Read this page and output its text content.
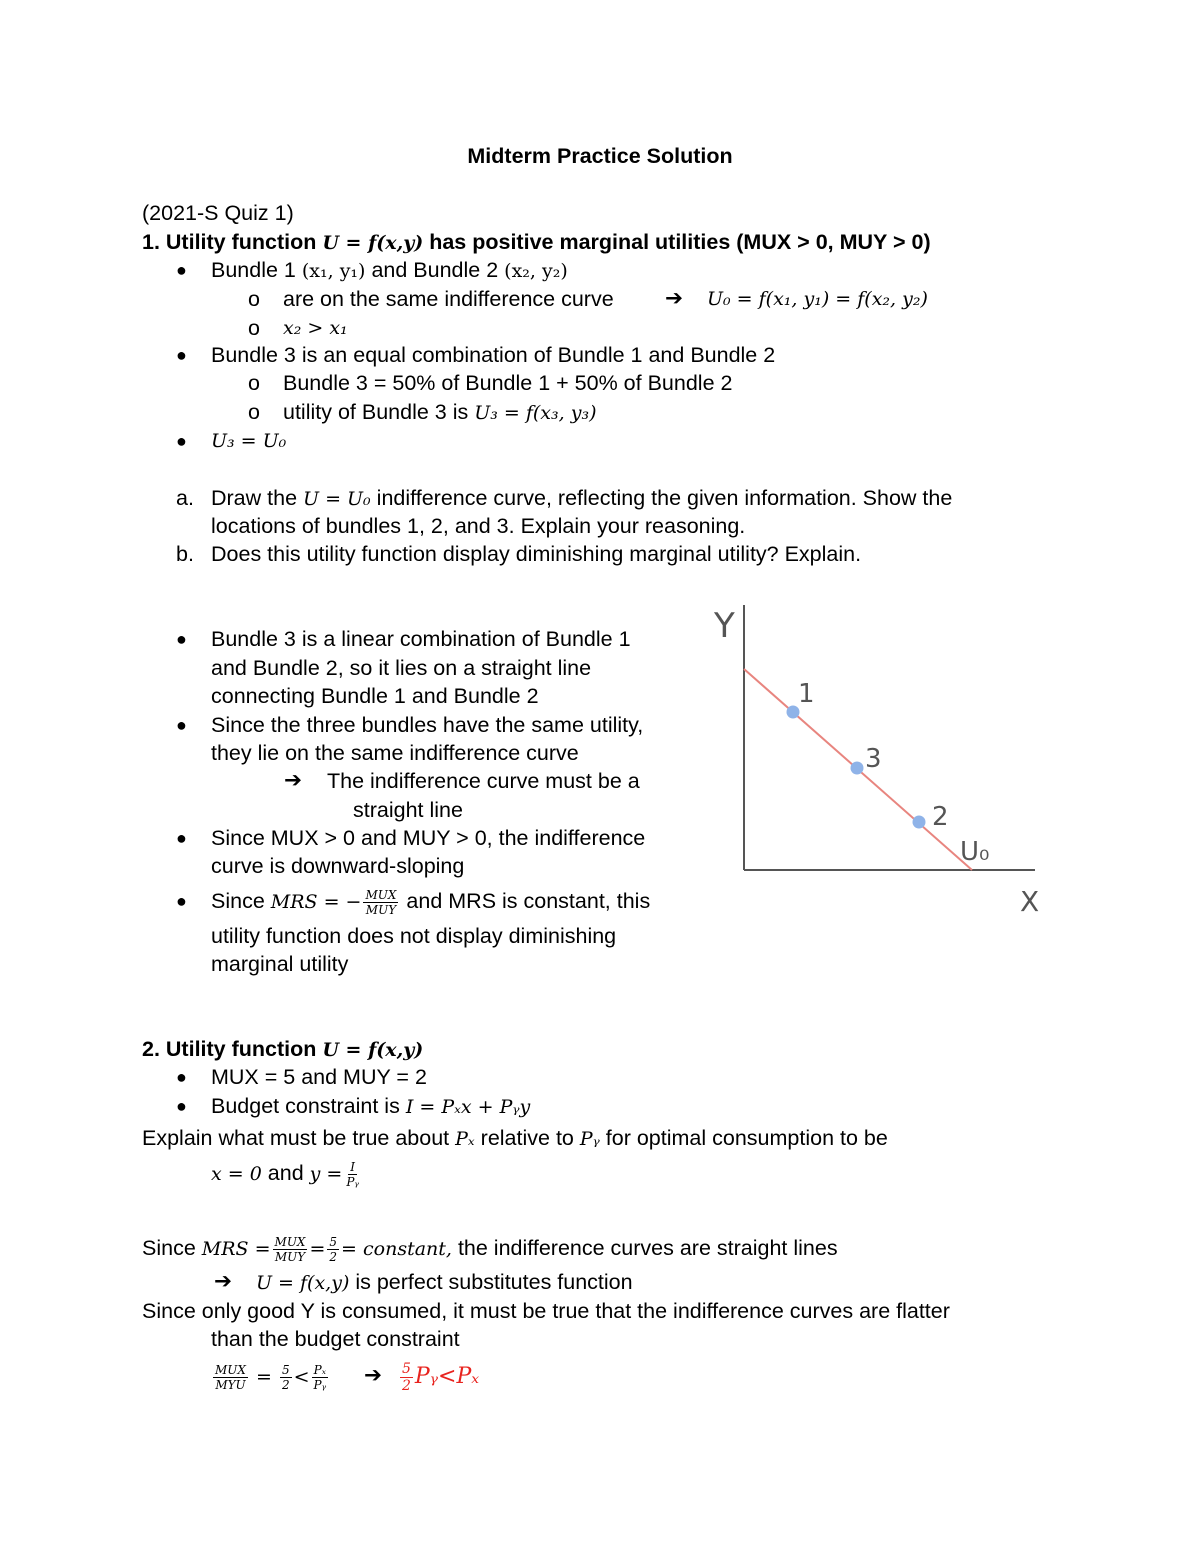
Midterm Practice Solution
(2021-S Quiz 1)
1. Utility function U = f(x,y) has positive marginal utilities (MUX > 0, MUY > 0)
● Bundle 1 (x₁, y₁) and Bundle 2 (x₂, y₂)
o are on the same indifference curve ➔ U₀ = f(x₁, y₁) = f(x₂, y₂)
o x₂ > x₁
● Bundle 3 is an equal combination of Bundle 1 and Bundle 2
o Bundle 3 = 50% of Bundle 1 + 50% of Bundle 2
o utility of Bundle 3 is U₃ = f(x₃, y₃)
● U₃ = U₀
a. Draw the U = U₀ indifference curve, reflecting the given information. Show the
locations of bundles 1, 2, and 3. Explain your reasoning.
b. Does this utility function display diminishing marginal utility? Explain.
● Bundle 3 is a linear combination of Bundle 1
and Bundle 2, so it lies on a straight line
connecting Bundle 1 and Bundle 2
● Since the three bundles have the same utility,
they lie on the same indifference curve
➔ The indifference curve must be a
straight line
● Since MUX > 0 and MUY > 0, the indifference
curve is downward-sloping
● Since MRS = − $\frac{\text{MUX}}{\text{MUY}}$ and MRS is constant, this
utility function does not display diminishing
marginal utility
Y
X
1
3
2
U₀
2. Utility function U = f(x,y)
● MUX = 5 and MUY = 2
● Budget constraint is I = Pₓx + Pᵧy
Explain what must be true about Pₓ relative to Pᵧ for optimal consumption to be
x = 0 and $y = \frac{I}{\text{Pᵧ}}$
Since MRS = $\frac{\text{MUX}}{\text{MUY}} = \frac{5}{2}$ = constant, the indifference curves are straight lines
➔ U = f(x,y) is perfect substitutes function
Since only good Y is consumed, it must be true that the indifference curves are flatter
than the budget constraint
$\frac{\text{MUX}}{\text{MYU}} = \frac{5}{2} < \frac{\text{Pₓ}}{\text{Pᵧ}}$ ➔ $\frac{5}{2}$ Pᵧ<Pₓ
